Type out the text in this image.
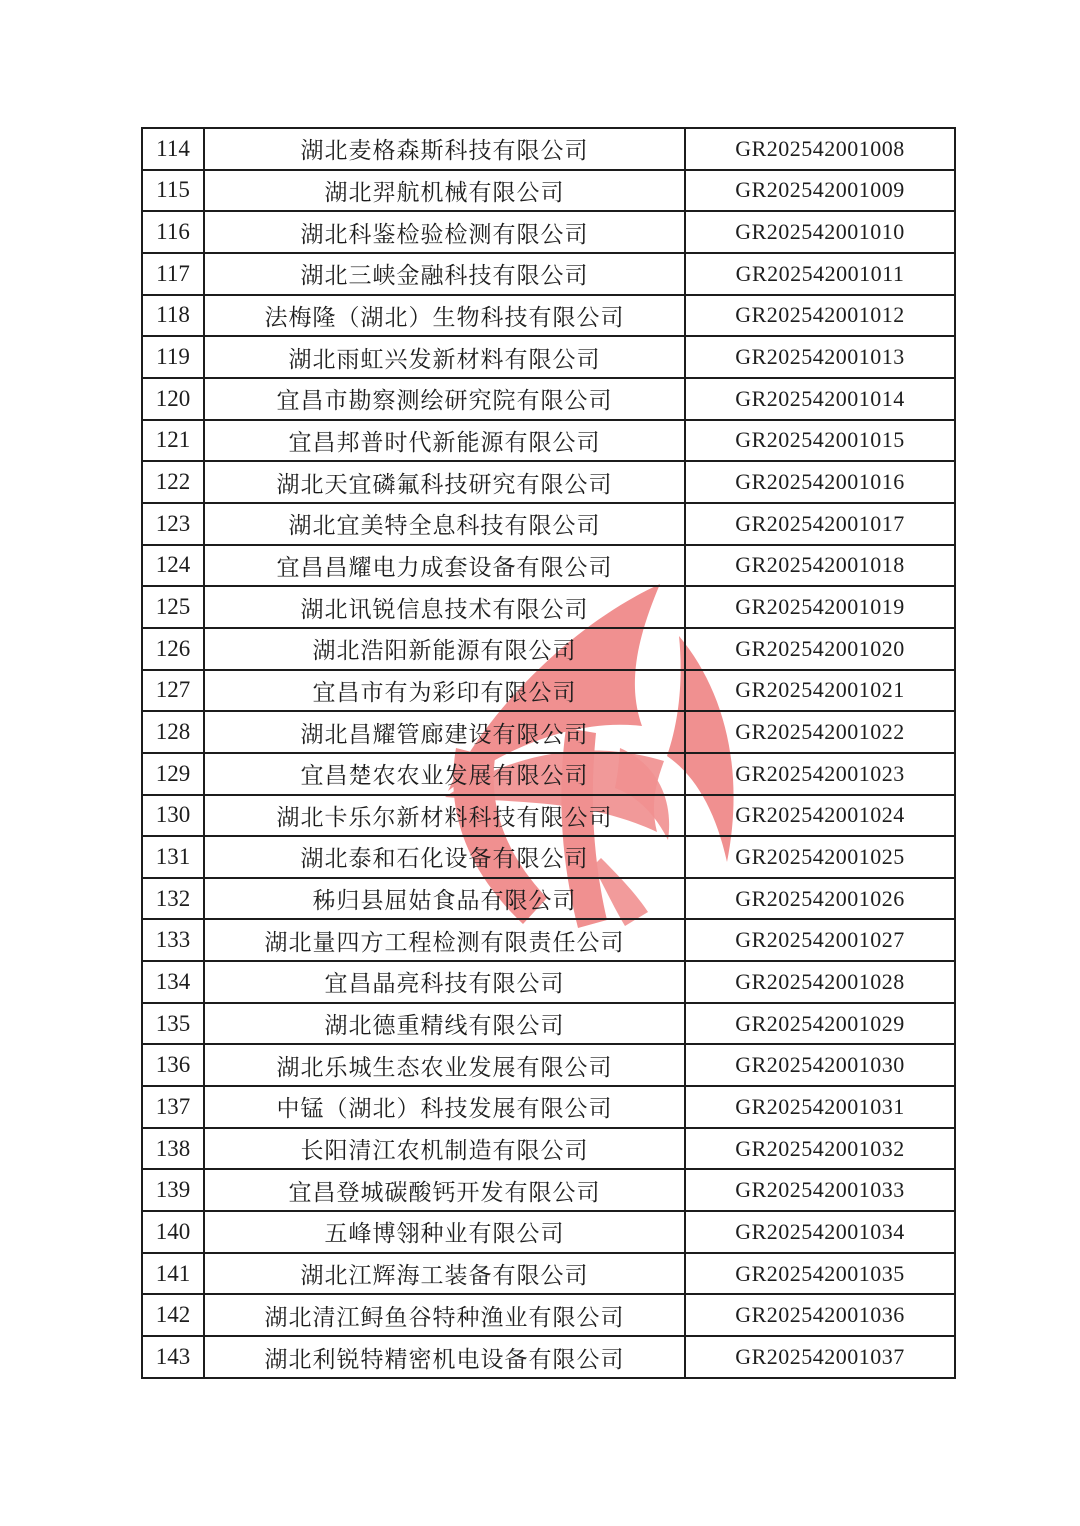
114	湖北麦格森斯科技有限公司	GR202542001008
115	湖北羿航机械有限公司	GR202542001009
116	湖北科鉴检验检测有限公司	GR202542001010
117	湖北三峡金融科技有限公司	GR202542001011
118	法梅隆（湖北）生物科技有限公司	GR202542001012
119	湖北雨虹兴发新材料有限公司	GR202542001013
120	宜昌市勘察测绘研究院有限公司	GR202542001014
121	宜昌邦普时代新能源有限公司	GR202542001015
122	湖北天宜磷氟科技研究有限公司	GR202542001016
123	湖北宜美特全息科技有限公司	GR202542001017
124	宜昌昌耀电力成套设备有限公司	GR202542001018
125	湖北讯锐信息技术有限公司	GR202542001019
126	湖北浩阳新能源有限公司	GR202542001020
127	宜昌市有为彩印有限公司	GR202542001021
128	湖北昌耀管廊建设有限公司	GR202542001022
129	宜昌楚农农业发展有限公司	GR202542001023
130	湖北卡乐尔新材料科技有限公司	GR202542001024
131	湖北泰和石化设备有限公司	GR202542001025
132	秭归县屈姑食品有限公司	GR202542001026
133	湖北量四方工程检测有限责任公司	GR202542001027
134	宜昌晶亮科技有限公司	GR202542001028
135	湖北德重精线有限公司	GR202542001029
136	湖北乐城生态农业发展有限公司	GR202542001030
137	中锰（湖北）科技发展有限公司	GR202542001031
138	长阳清江农机制造有限公司	GR202542001032
139	宜昌登城碳酸钙开发有限公司	GR202542001033
140	五峰博翎种业有限公司	GR202542001034
141	湖北江辉海工装备有限公司	GR202542001035
142	湖北清江鲟鱼谷特种渔业有限公司	GR202542001036
143	湖北利锐特精密机电设备有限公司	GR202542001037
